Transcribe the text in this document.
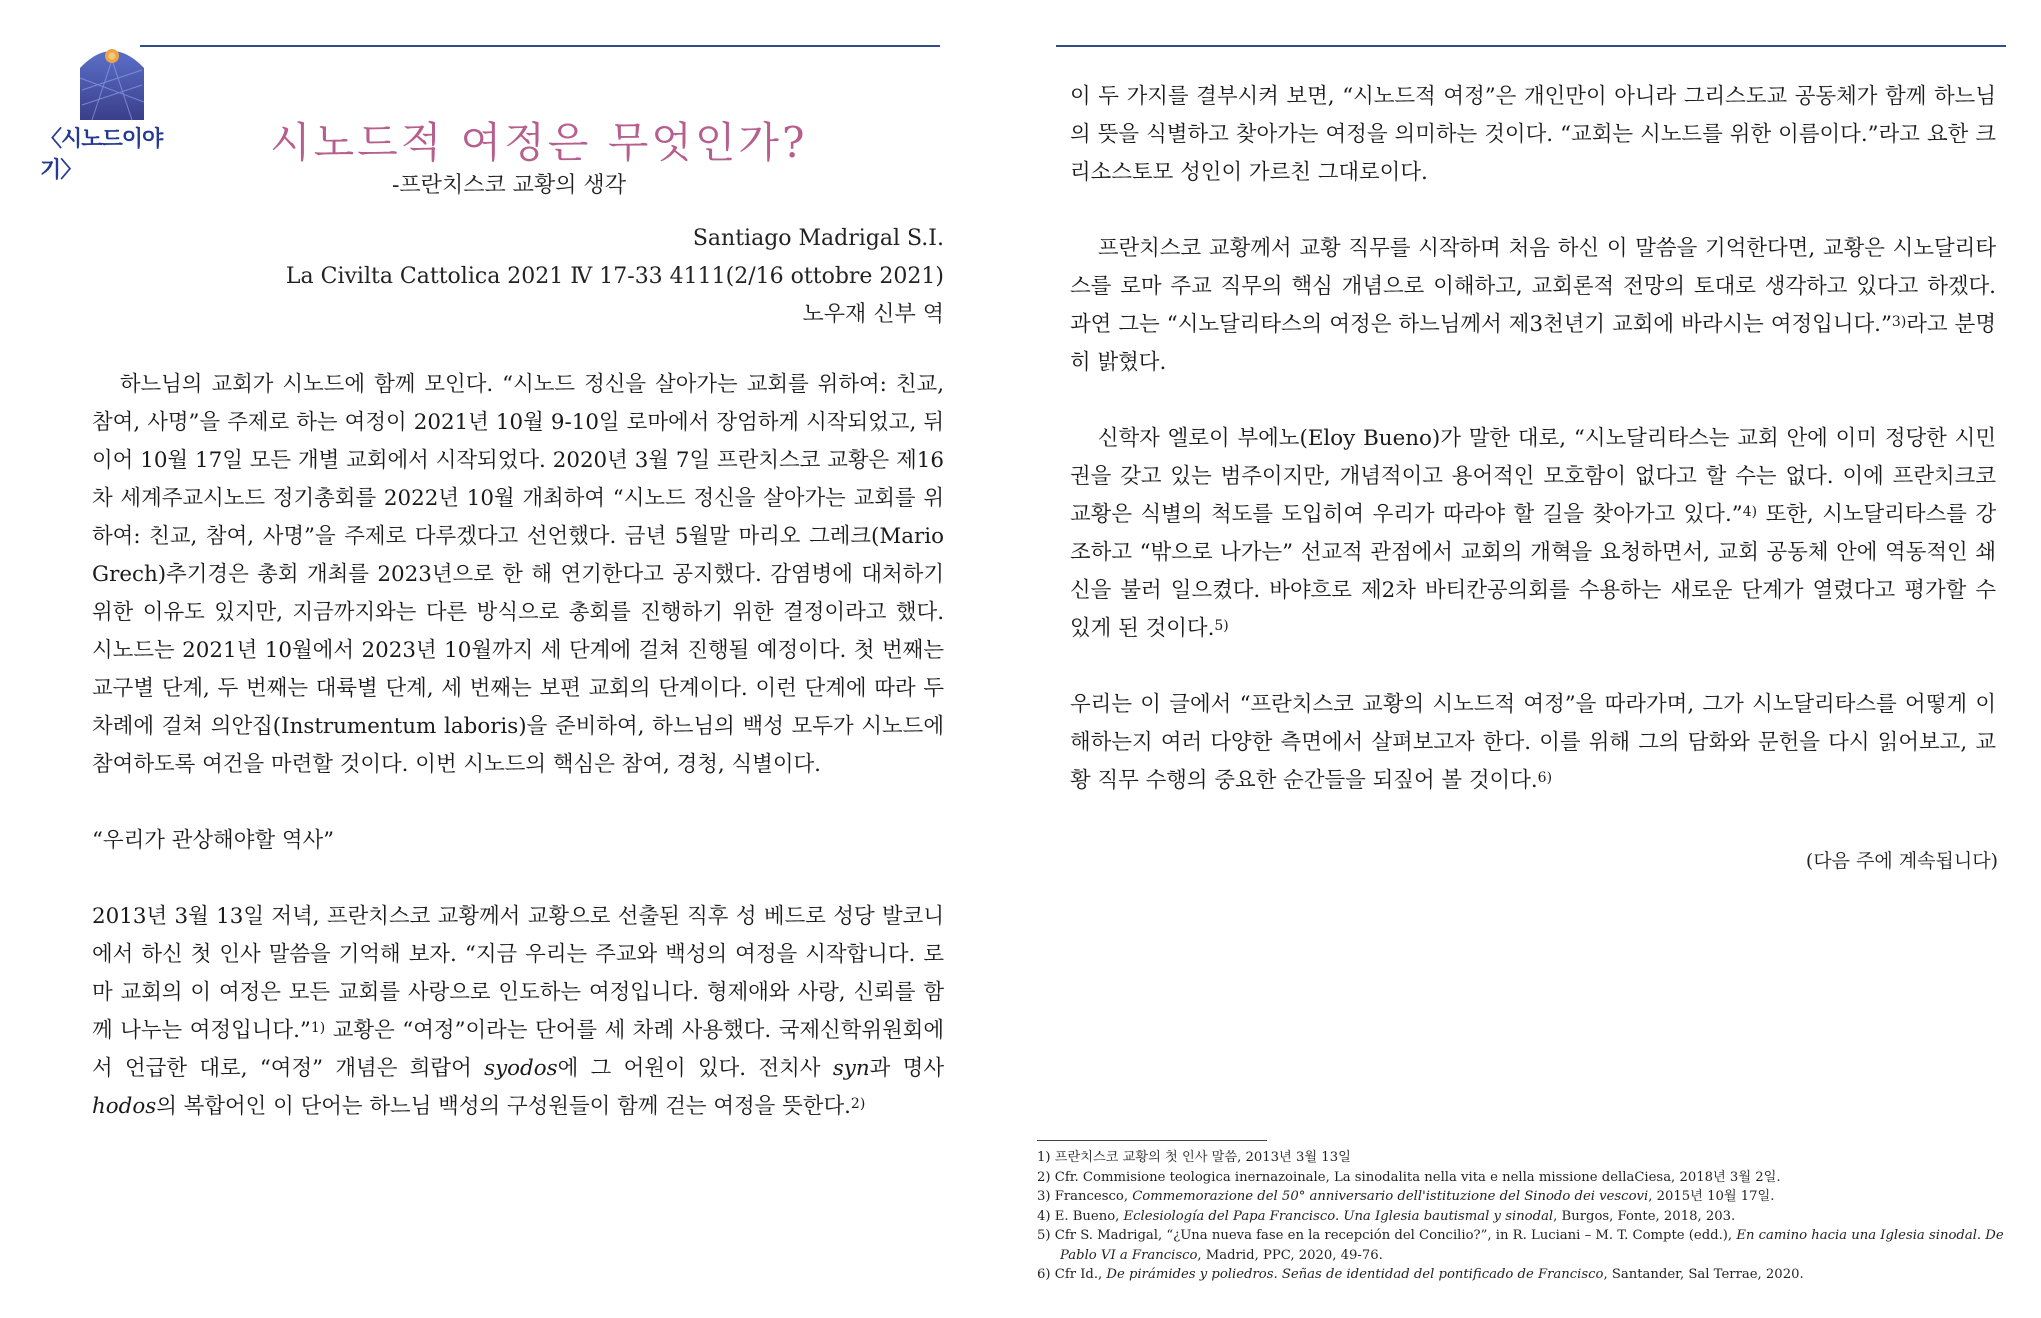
〈시노드이야기〉
시노드적 여정은 무엇인가?
-프란치스코 교황의 생각
Santiago Madrigal S.I.
La Civilta Cattolica 2021 Ⅳ 17-33 4111(2/16 ottobre 2021)
노우재 신부 역

하느님의 교회가 시노드에 함께 모인다. “시노드 정신을 살아가는 교회를 위하여: 친교, 참여, 사명”을 주제로 하는 여정이 2021년 10월 9-10일 로마에서 장엄하게 시작되었고, 뒤이어 10월 17일 모든 개별 교회에서 시작되었다. 2020년 3월 7일 프란치스코 교황은 제16차 세계주교시노드 정기총회를 2022년 10월 개최하여 “시노드 정신을 살아가는 교회를 위하여: 친교, 참여, 사명”을 주제로 다루겠다고 선언했다. 금년 5월말 마리오 그레크(Mario Grech)추기경은 총회 개최를 2023년으로 한 해 연기한다고 공지했다. 감염병에 대처하기 위한 이유도 있지만, 지금까지와는 다른 방식으로 총회를 진행하기 위한 결정이라고 했다. 시노드는 2021년 10월에서 2023년 10월까지 세 단계에 걸쳐 진행될 예정이다. 첫 번째는 교구별 단계, 두 번째는 대륙별 단계, 세 번째는 보편 교회의 단계이다. 이런 단계에 따라 두 차례에 걸쳐 의안집(Instrumentum laboris)을 준비하여, 하느님의 백성 모두가 시노드에 참여하도록 여건을 마련할 것이다. 이번 시노드의 핵심은 참여, 경청, 식별이다.

“우리가 관상해야할 역사”

2013년 3월 13일 저녁, 프란치스코 교황께서 교황으로 선출된 직후 성 베드로 성당 발코니에서 하신 첫 인사 말씀을 기억해 보자. “지금 우리는 주교와 백성의 여정을 시작합니다. 로마 교회의 이 여정은 모든 교회를 사랑으로 인도하는 여정입니다. 형제애와 사랑, 신뢰를 함께 나누는 여정입니다.”$^{1)}$ 교황은 “여정”이라는 단어를 세 차례 사용했다. 국제신학위원회에서 언급한 대로, “여정” 개념은 희랍어 syodos에 그 어원이 있다. 전치사 syn과 명사 hodos의 복합어인 이 단어는 하느님 백성의 구성원들이 함께 걷는 여정을 뜻한다.$^{2)}$

이 두 가지를 결부시켜 보면, “시노드적 여정”은 개인만이 아니라 그리스도교 공동체가 함께 하느님의 뜻을 식별하고 찾아가는 여정을 의미하는 것이다. “교회는 시노드를 위한 이름이다.”라고 요한 크리소스토모 성인이 가르친 그대로이다.

프란치스코 교황께서 교황 직무를 시작하며 처음 하신 이 말씀을 기억한다면, 교황은 시노달리타스를 로마 주교 직무의 핵심 개념으로 이해하고, 교회론적 전망의 토대로 생각하고 있다고 하겠다. 과연 그는 “시노달리타스의 여정은 하느님께서 제3천년기 교회에 바라시는 여정입니다.”$^{3)}$라고 분명히 밝혔다.

신학자 엘로이 부에노(Eloy Bueno)가 말한 대로, “시노달리타스는 교회 안에 이미 정당한 시민권을 갖고 있는 범주이지만, 개념적이고 용어적인 모호함이 없다고 할 수는 없다. 이에 프란치크코 교황은 식별의 척도를 도입히여 우리가 따라야 할 길을 찾아가고 있다.”$^{4)}$ 또한, 시노달리타스를 강조하고 “밖으로 나가는” 선교적 관점에서 교회의 개혁을 요청하면서, 교회 공동체 안에 역동적인 쇄신을 불러 일으켰다. 바야흐로 제2차 바티칸공의회를 수용하는 새로운 단계가 열렸다고 평가할 수 있게 된 것이다.$^{5)}$

우리는 이 글에서 “프란치스코 교황의 시노드적 여정”을 따라가며, 그가 시노달리타스를 어떻게 이해하는지 여러 다양한 측면에서 살펴보고자 한다. 이를 위해 그의 담화와 문헌을 다시 읽어보고, 교황 직무 수행의 중요한 순간들을 되짚어 볼 것이다.$^{6)}$

(다음 주에 계속됩니다)

1) 프란치스코 교황의 첫 인사 말씀, 2013년 3월 13일

2) Cfr. Commisione teologica inernazoinale, La sinodalita nella vita e nella missione dellaCiesa, 2018년 3월 2일.

3) Francesco, Commemorazione del 50° anniversario dell'istituzione del Sinodo dei vescovi, 2015년 10월 17일.

4) E. Bueno, Eclesiología del Papa Francisco. Una Iglesia bautismal y sinodal, Burgos, Fonte, 2018, 203.

5) Cfr S. Madrigal, “¿Una nueva fase en la recepción del Concilio?”, in R. Luciani – M. T. Compte (edd.), En camino hacia una Iglesia sinodal. De Pablo VI a Francisco, Madrid, PPC, 2020, 49-76.

6) Cfr Id., De pirámides y poliedros. Señas de identidad del pontificado de Francisco, Santander, Sal Terrae, 2020.
